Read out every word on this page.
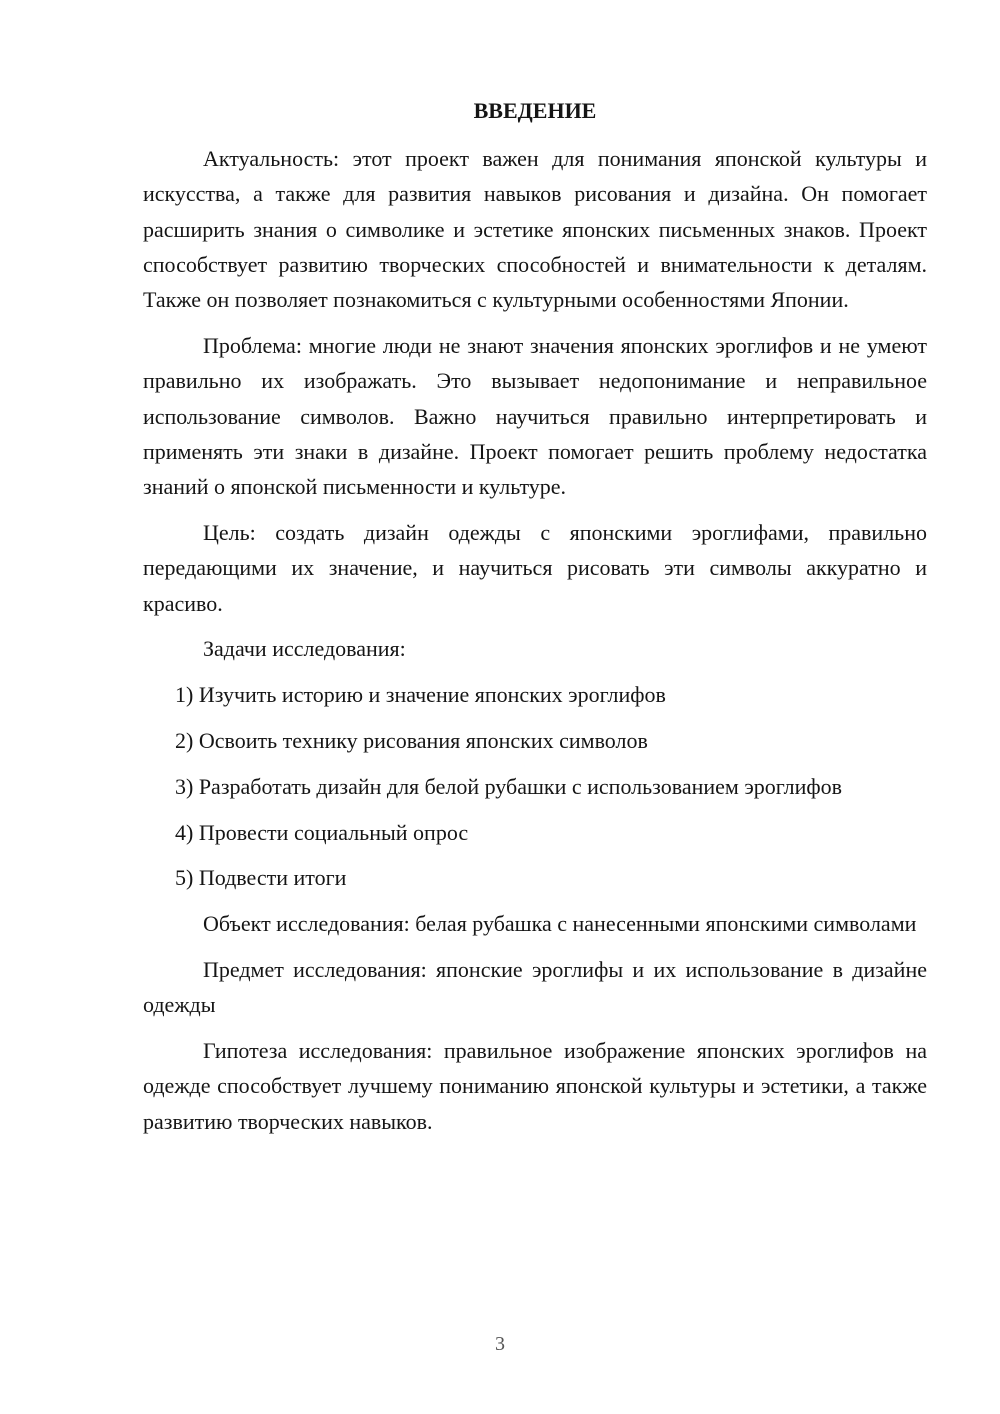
ВВЕДЕНИЕ

Актуальность: этот проект важен для понимания японской культуры и искусства, а также для развития навыков рисования и дизайна. Он помогает расширить знания о символике и эстетике японских письменных знаков. Проект способствует развитию творческих способностей и внимательности к деталям. Также он позволяет познакомиться с культурными особенностями Японии.

Проблема: многие люди не знают значения японских эроглифов и не умеют правильно их изображать. Это вызывает недопонимание и неправильное использование символов. Важно научиться правильно интерпретировать и применять эти знаки в дизайне. Проект помогает решить проблему недостатка знаний о японской письменности и культуре.

Цель: создать дизайн одежды с японскими эроглифами, правильно передающими их значение, и научиться рисовать эти символы аккуратно и красиво.

Задачи исследования:

1) Изучить историю и значение японских эроглифов

2) Освоить технику рисования японских символов

3) Разработать дизайн для белой рубашки с использованием эроглифов

4) Провести социальный опрос

5) Подвести итоги

Объект исследования: белая рубашка с нанесенными японскими символами

Предмет исследования: японские эроглифы и их использование в дизайне одежды

Гипотеза исследования: правильное изображение японских эроглифов на одежде способствует лучшему пониманию японской культуры и эстетики, а также развитию творческих навыков.

3
